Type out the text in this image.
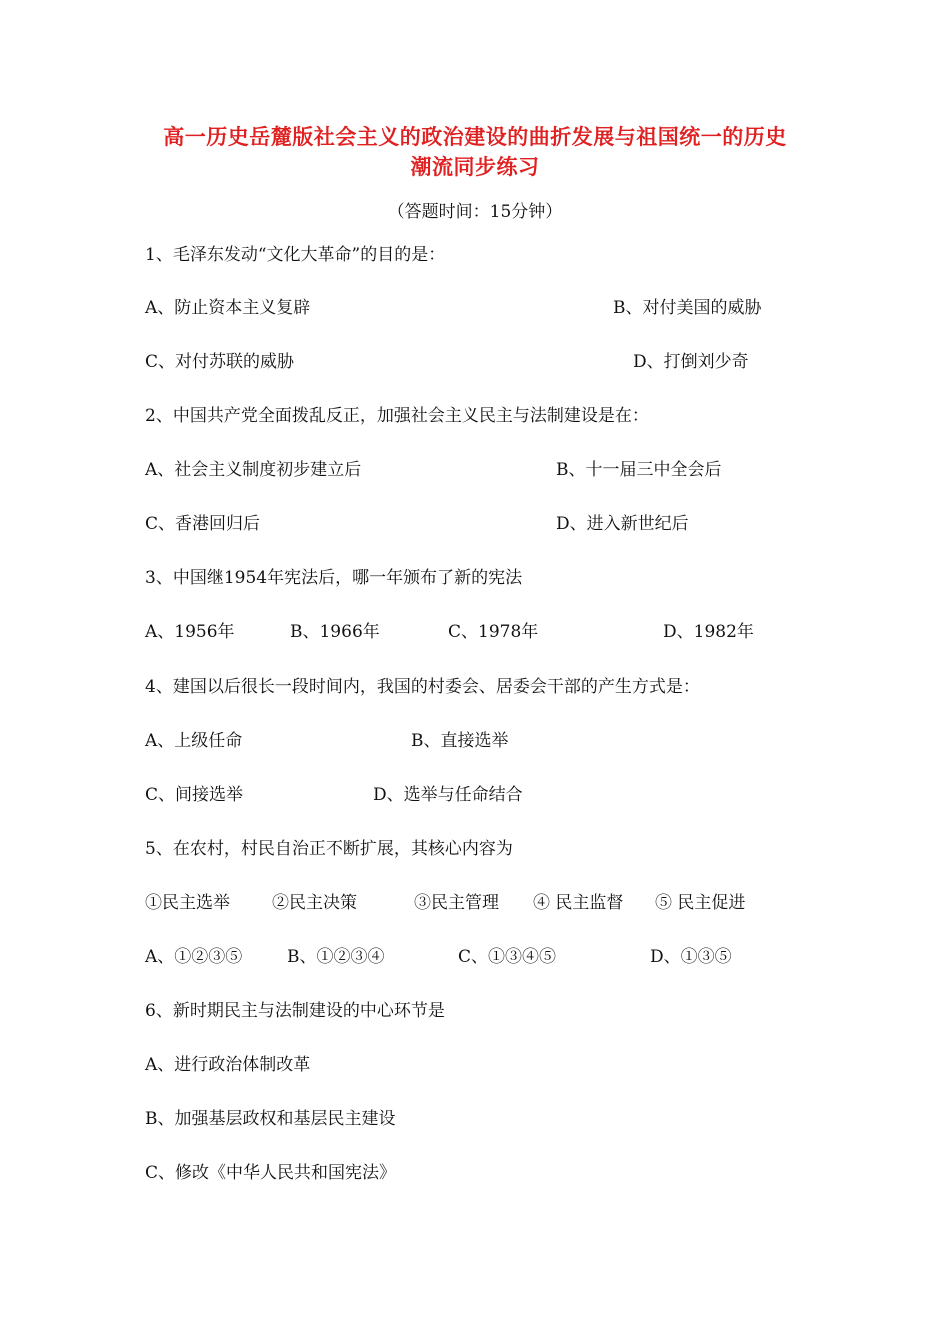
高一历史岳麓版社会主义的政治建设的曲折发展与祖国统一的历史
潮流同步练习
（答题时间：15分钟）
1、毛泽东发动“文化大革命”的目的是：
A、防止资本主义复辟	B、对付美国的威胁
C、对付苏联的威胁	D、打倒刘少奇
2、中国共产党全面拨乱反正，加强社会主义民主与法制建设是在：
A、社会主义制度初步建立后	B、十一届三中全会后
C、香港回归后	D、进入新世纪后
3、中国继1954年宪法后，哪一年颁布了新的宪法
A、1956年	B、1966年	C、1978年	D、1982年
4、建国以后很长一段时间内，我国的村委会、居委会干部的产生方式是：
A、上级任命	B、直接选举
C、间接选举	D、选举与任命结合
5、在农村，村民自治正不断扩展，其核心内容为
①民主选举 ②民主决策	③民主管理 ④ 民主监督 ⑤ 民主促进
A、①②③⑤	B、①②③④	C、①③④⑤	D、①③⑤
6、新时期民主与法制建设的中心环节是
A、进行政治体制改革
B、加强基层政权和基层民主建设
C、修改《中华人民共和国宪法》
